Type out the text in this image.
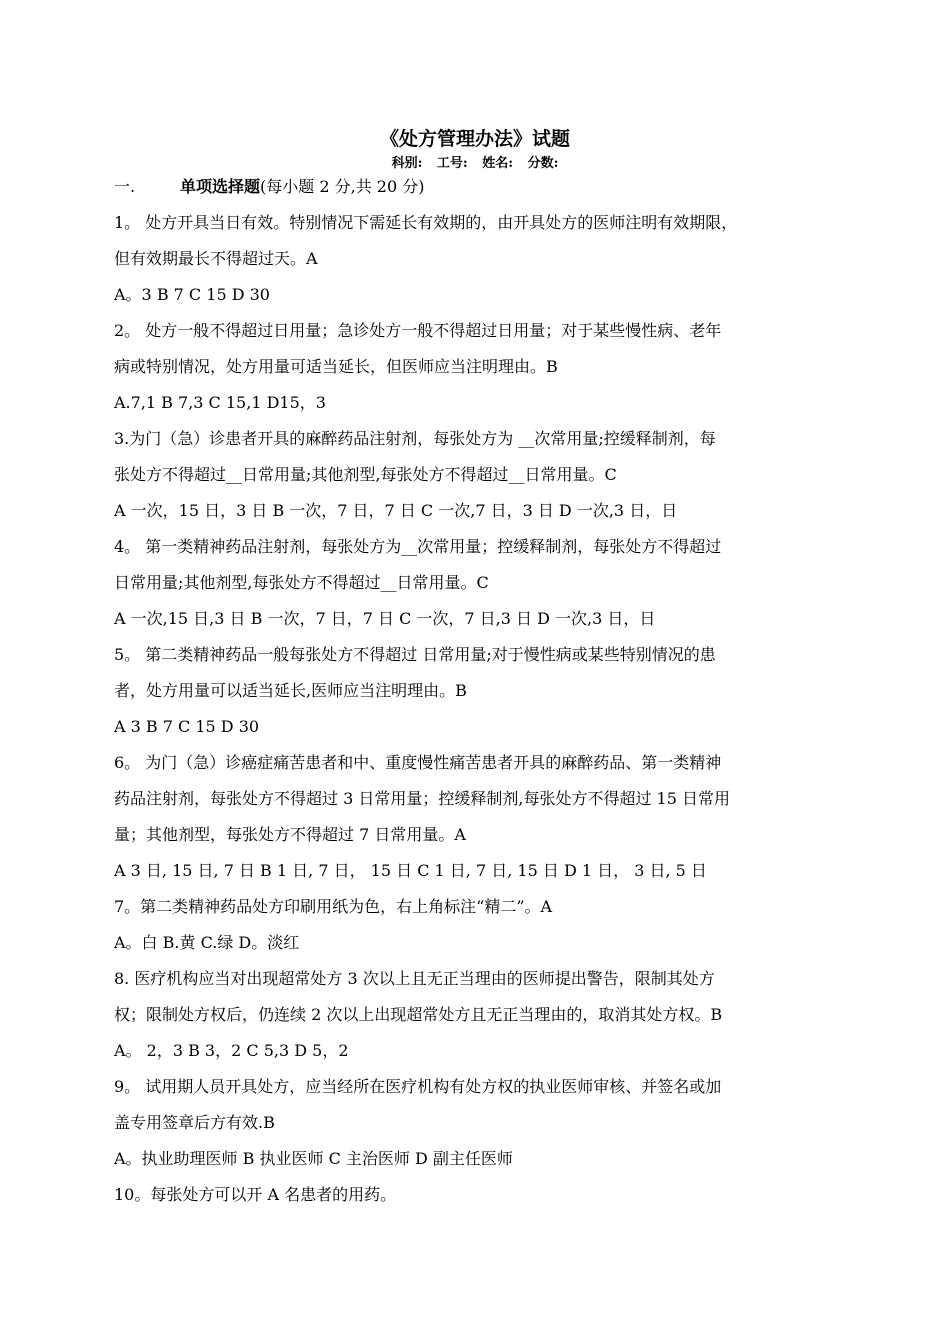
《处方管理办法》试题
科别: 工号: 姓名: 分数:
一.	单项选择题(每小题 2 分,共 20 分)
1。 处方开具当日有效。特别情况下需延长有效期的，由开具处方的医师注明有效期限，
但有效期最长不得超过天。A
A。3 B 7 C 15 D 30
2。 处方一般不得超过日用量；急诊处方一般不得超过日用量；对于某些慢性病、老年
病或特别情况，处方用量可适当延长，但医师应当注明理由。B
A.7,1 B 7,3 C 15,1 D15，3
3.为门（急）诊患者开具的麻醉药品注射剂，每张处方为 __次常用量;控缓释制剂，每
张处方不得超过__日常用量;其他剂型,每张处方不得超过__日常用量。C
A 一次，15 日，3 日 B 一次，7 日，7 日 C 一次,7 日，3 日 D 一次,3 日，日
4。 第一类精神药品注射剂，每张处方为__次常用量；控缓释制剂，每张处方不得超过
日常用量;其他剂型,每张处方不得超过__日常用量。C
A 一次,15 日,3 日 B 一次，7 日，7 日 C 一次，7 日,3 日 D 一次,3 日，日
5。 第二类精神药品一般每张处方不得超过 日常用量;对于慢性病或某些特别情况的患
者，处方用量可以适当延长,医师应当注明理由。B
A 3 B 7 C 15 D 30
6。 为门（急）诊癌症痛苦患者和中、重度慢性痛苦患者开具的麻醉药品、第一类精神
药品注射剂，每张处方不得超过 3 日常用量；控缓释制剂,每张处方不得超过 15 日常用
量；其他剂型，每张处方不得超过 7 日常用量。A
A 3 日, 15 日, 7 日 B 1 日, 7 日， 15 日 C 1 日, 7 日, 15 日 D 1 日， 3 日, 5 日
7。第二类精神药品处方印刷用纸为色，右上角标注“精二”。A
A。白 B.黄 C.绿 D。淡红
8. 医疗机构应当对出现超常处方 3 次以上且无正当理由的医师提出警告，限制其处方
权；限制处方权后，仍连续 2 次以上出现超常处方且无正当理由的，取消其处方权。B
A。 2，3 B 3，2 C 5,3 D 5，2
9。 试用期人员开具处方，应当经所在医疗机构有处方权的执业医师审核、并签名或加
盖专用签章后方有效.B
A。执业助理医师 B 执业医师 C 主治医师 D 副主任医师
10。每张处方可以开 A 名患者的用药。
